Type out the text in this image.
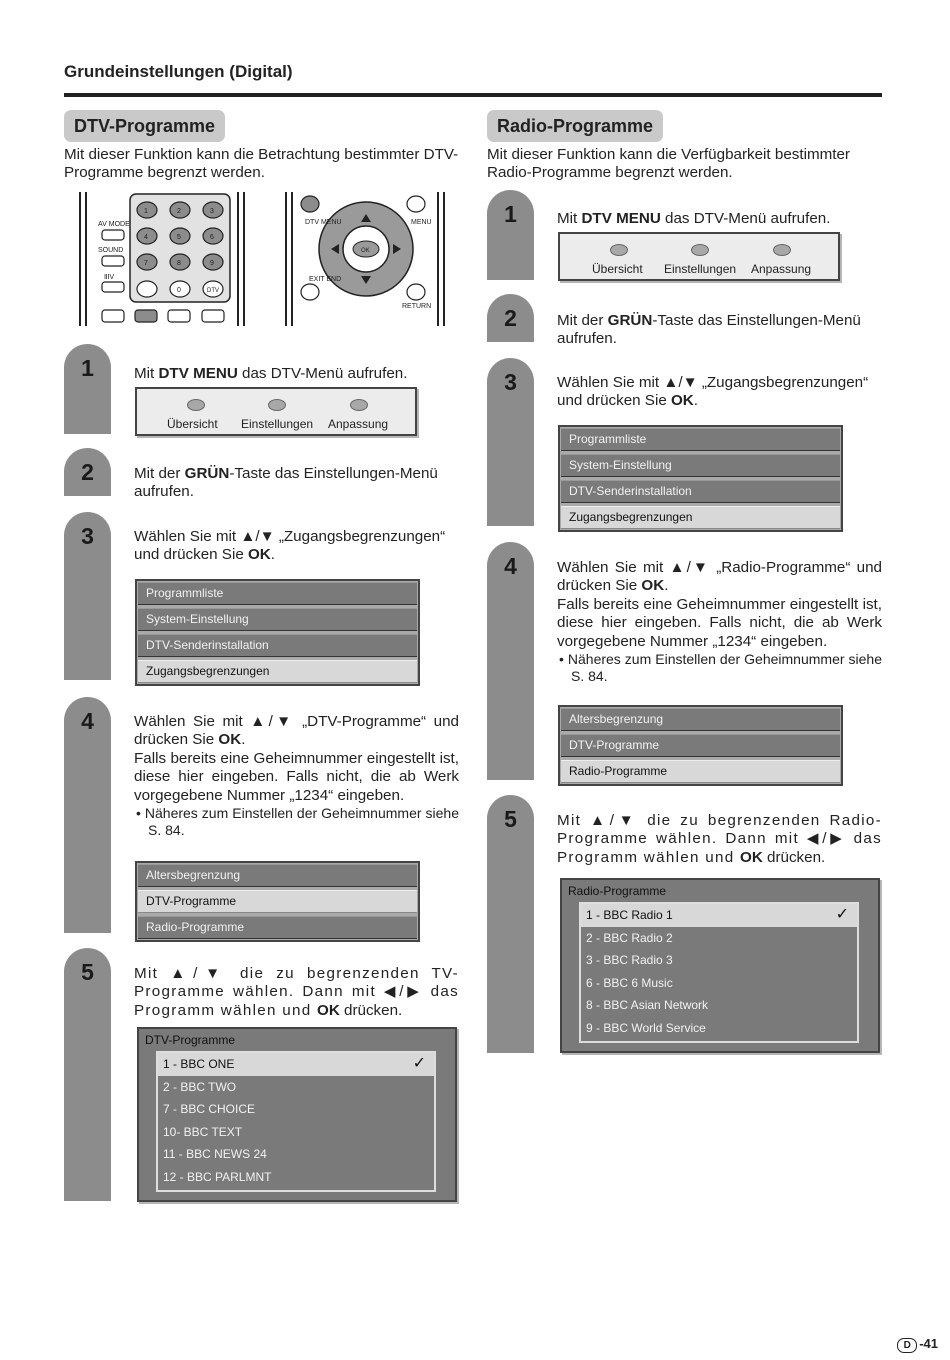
Grundeinstellungen (Digital)
DTV-Programme
Mit dieser Funktion kann die Betrachtung bestimmter DTV-Programme begrenzt werden.
AV MODE
SOUND
ⅡⅠV
DTV MENU	MENU
OK
EXIT END
RETURN
DTV
1	2	3
4	5	6
7	8	9
0
1	Mit DTV MENU das DTV-Menü aufrufen.
Übersicht Einstellungen Anpassung
2	Mit der GRÜN-Taste das Einstellungen-Menü aufrufen.
3	Wählen Sie mit ▲/▼ „Zugangsbegrenzungen“ und drücken Sie OK.
Programmliste
System-Einstellung
DTV-Senderinstallation
Zugangsbegrenzungen
4	Wählen Sie mit ▲/▼ „DTV-Programme“ und drücken Sie OK.
Falls bereits eine Geheimnummer eingestellt ist, diese hier eingeben. Falls nicht, die ab Werk vorgegebene Nummer „1234“ eingeben.
• Näheres zum Einstellen der Geheimnummer siehe S. 84.
Altersbegrenzung
DTV-Programme
Radio-Programme
5	Mit ▲/▼ die zu begrenzenden TV-Programme wählen. Dann mit ◀/▶ das Programm wählen und OK drücken.
DTV-Programme
1 - BBC ONE	✓
2 - BBC TWO
7 - BBC CHOICE
10- BBC TEXT
11 - BBC NEWS 24
12 - BBC PARLMNT
Radio-Programme
Mit dieser Funktion kann die Verfügbarkeit bestimmter Radio-Programme begrenzt werden.
1	Mit DTV MENU das DTV-Menü aufrufen.
Übersicht Einstellungen Anpassung
2	Mit der GRÜN-Taste das Einstellungen-Menü aufrufen.
3	Wählen Sie mit ▲/▼ „Zugangsbegrenzungen“ und drücken Sie OK.
Programmliste
System-Einstellung
DTV-Senderinstallation
Zugangsbegrenzungen
4	Wählen Sie mit ▲/▼ „Radio-Programme“ und drücken Sie OK.
Falls bereits eine Geheimnummer eingestellt ist, diese hier eingeben. Falls nicht, die ab Werk vorgegebene Nummer „1234“ eingeben.
• Näheres zum Einstellen der Geheimnummer siehe S. 84.
Altersbegrenzung
DTV-Programme
Radio-Programme
5	Mit ▲/▼ die zu begrenzenden Radio-Programme wählen. Dann mit ◀/▶ das Programm wählen und OK drücken.
Radio-Programme
1 - BBC Radio 1	✓
2 - BBC Radio 2
3 - BBC Radio 3
6 - BBC 6 Music
8 - BBC Asian Network
9 - BBC World Service
D -41
